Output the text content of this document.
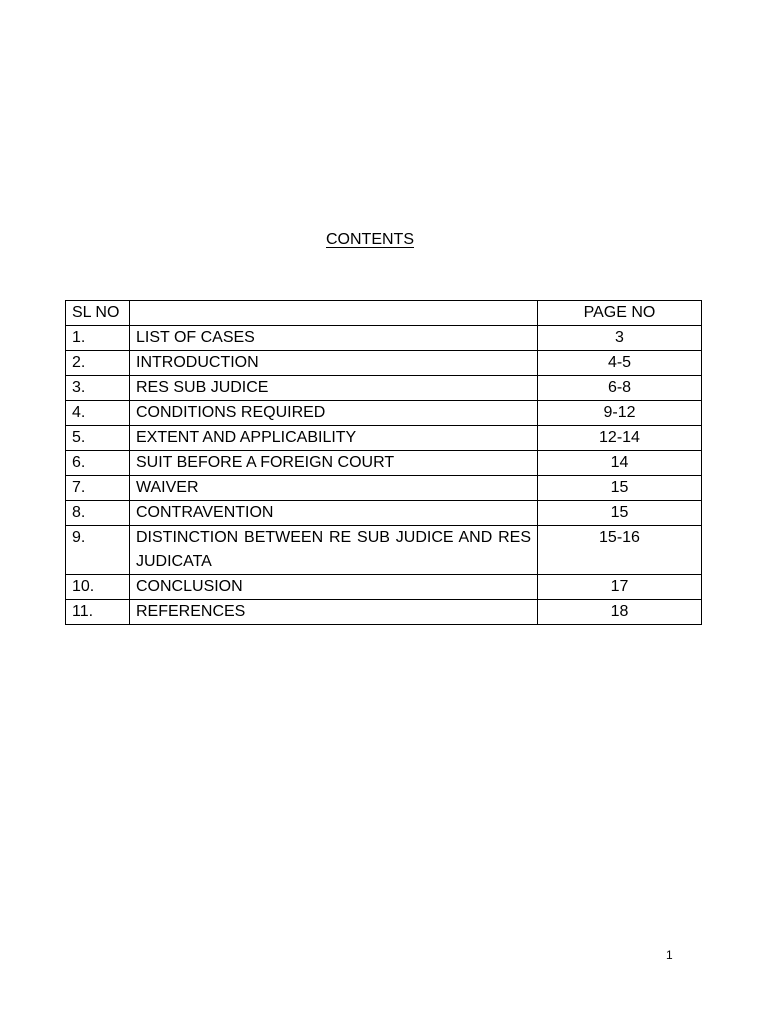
CONTENTS
SL NO		PAGE NO
1.	LIST OF CASES	3
2.	INTRODUCTION	4-5
3.	RES SUB JUDICE	6-8
4.	CONDITIONS REQUIRED	9-12
5.	EXTENT AND APPLICABILITY	12-14
6.	SUIT BEFORE A FOREIGN COURT	14
7.	WAIVER	15
8.	CONTRAVENTION	15
9.	DISTINCTION BETWEEN RE SUB JUDICE AND RES JUDICATA	15-16
10.	CONCLUSION	17
11.	REFERENCES	18
1
